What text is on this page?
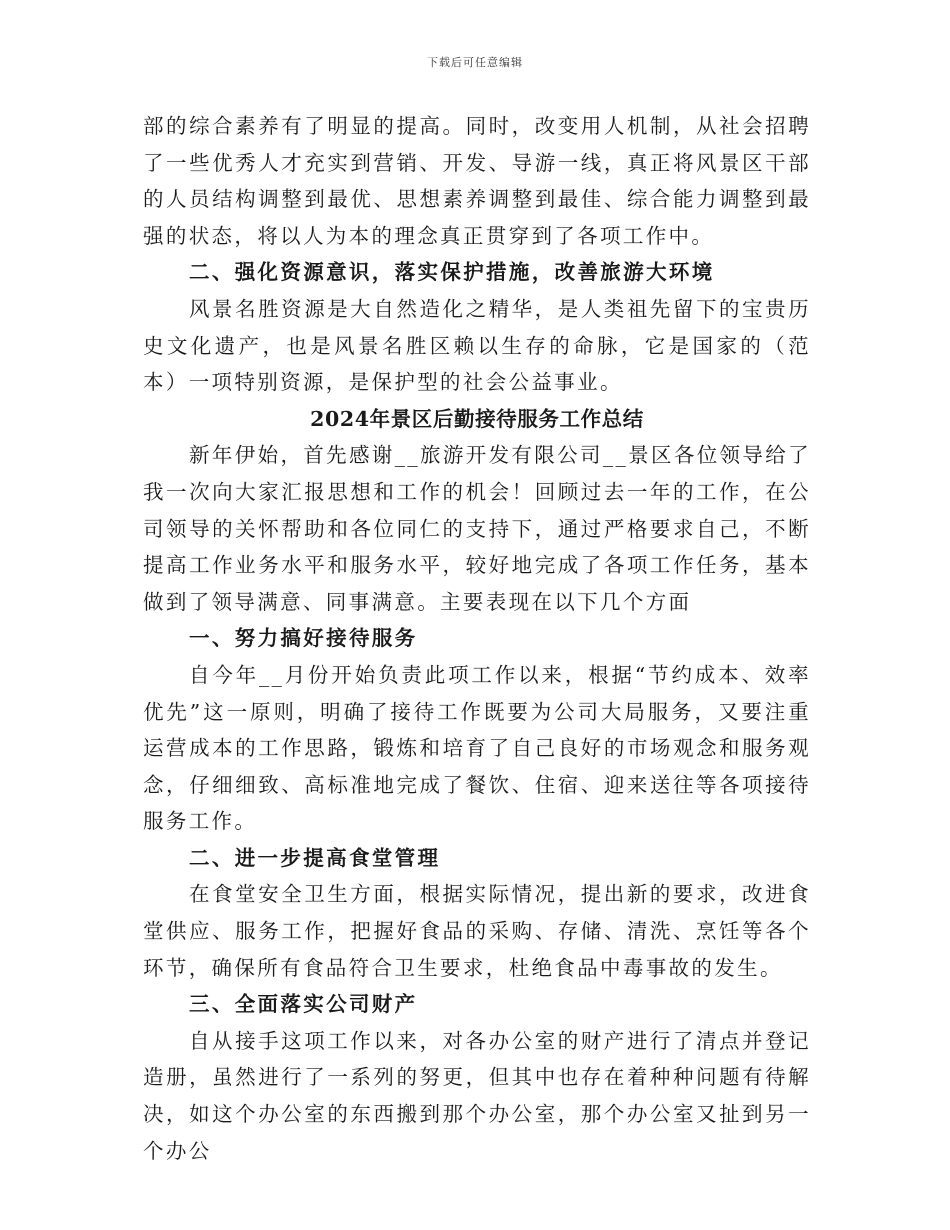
下载后可任意编辑

部的综合素养有了明显的提高。同时，改变用人机制，从社会招聘了一些优秀人才充实到营销、开发、导游一线，真正将风景区干部的人员结构调整到最优、思想素养调整到最佳、综合能力调整到最强的状态，将以人为本的理念真正贯穿到了各项工作中。

二、强化资源意识，落实保护措施，改善旅游大环境

风景名胜资源是大自然造化之精华，是人类祖先留下的宝贵历史文化遗产，也是风景名胜区赖以生存的命脉，它是国家的（范本）一项特别资源，是保护型的社会公益事业。

2024年景区后勤接待服务工作总结

新年伊始，首先感谢__旅游开发有限公司__景区各位领导给了我一次向大家汇报思想和工作的机会！回顾过去一年的工作，在公司领导的关怀帮助和各位同仁的支持下，通过严格要求自己，不断提高工作业务水平和服务水平，较好地完成了各项工作任务，基本做到了领导满意、同事满意。主要表现在以下几个方面

一、努力搞好接待服务

自今年__月份开始负责此项工作以来，根据“节约成本、效率优先”这一原则，明确了接待工作既要为公司大局服务，又要注重运营成本的工作思路，锻炼和培育了自己良好的市场观念和服务观念，仔细细致、高标准地完成了餐饮、住宿、迎来送往等各项接待服务工作。

二、进一步提高食堂管理

在食堂安全卫生方面，根据实际情况，提出新的要求，改进食堂供应、服务工作，把握好食品的采购、存储、清洗、烹饪等各个环节，确保所有食品符合卫生要求，杜绝食品中毒事故的发生。

三、全面落实公司财产

自从接手这项工作以来，对各办公室的财产进行了清点并登记造册，虽然进行了一系列的努更，但其中也存在着种种问题有待解决，如这个办公室的东西搬到那个办公室，那个办公室又扯到另一个办公
